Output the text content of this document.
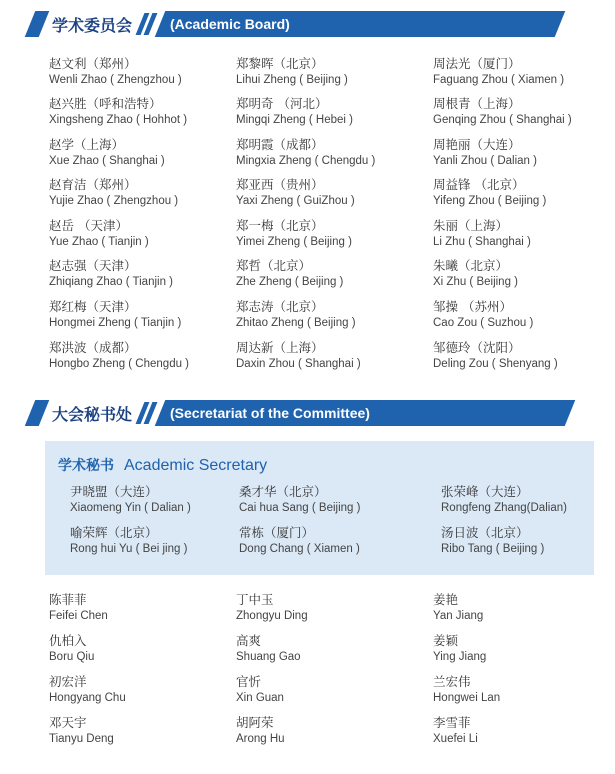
学术委员会	(Academic Board)
赵文利（郑州）
Wenli Zhao ( Zhengzhou )
赵兴胜（呼和浩特）
Xingsheng Zhao ( Hohhot )
赵学（上海）
Xue Zhao ( Shanghai )
赵育洁（郑州）
Yujie Zhao ( Zhengzhou )
赵岳 （天津）
Yue Zhao ( Tianjin )
赵志强（天津）
Zhiqiang Zhao ( Tianjin )
郑红梅（天津）
Hongmei Zheng ( Tianjin )
郑洪波（成都）
Hongbo Zheng ( Chengdu )
郑黎晖（北京）
Lihui Zheng ( Beijing )
郑明奇 （河北）
Mingqi Zheng ( Hebei )
郑明霞（成都）
Mingxia Zheng ( Chengdu )
郑亚西（贵州）
Yaxi Zheng ( GuiZhou )
郑一梅（北京）
Yimei Zheng ( Beijing )
郑哲（北京）
Zhe Zheng ( Beijing )
郑志涛（北京）
Zhitao Zheng ( Beijing )
周达新（上海）
Daxin Zhou ( Shanghai )
周法光（厦门）
Faguang Zhou ( Xiamen )
周根青（上海）
Genqing Zhou ( Shanghai )
周艳丽（大连）
Yanli Zhou ( Dalian )
周益锋 （北京）
Yifeng Zhou ( Beijing )
朱丽（上海）
Li Zhu ( Shanghai )
朱曦（北京）
Xi Zhu ( Beijing )
邹操 （苏州）
Cao Zou ( Suzhou )
邹德玲（沈阳）
Deling Zou ( Shenyang )
大会秘书处	(Secretariat of the Committee)
学术秘书 Academic Secretary
尹晓盟（大连）
Xiaomeng Yin ( Dalian )
喻荣辉（北京）
Rong hui Yu ( Bei jing )
桑才华（北京）
Cai hua Sang ( Beijing )
常栋（厦门）
Dong Chang ( Xiamen )
张荣峰（大连）
Rongfeng Zhang(Dalian)
汤日波（北京）
Ribo Tang ( Beijing )
陈菲菲
Feifei Chen
仇柏入
Boru Qiu
初宏洋
Hongyang Chu
邓天宇
Tianyu Deng
丁中玉
Zhongyu Ding
高爽
Shuang Gao
官忻
Xin Guan
胡阿荣
Arong Hu
姜艳
Yan Jiang
姜颖
Ying Jiang
兰宏伟
Hongwei Lan
李雪菲
Xuefei Li
